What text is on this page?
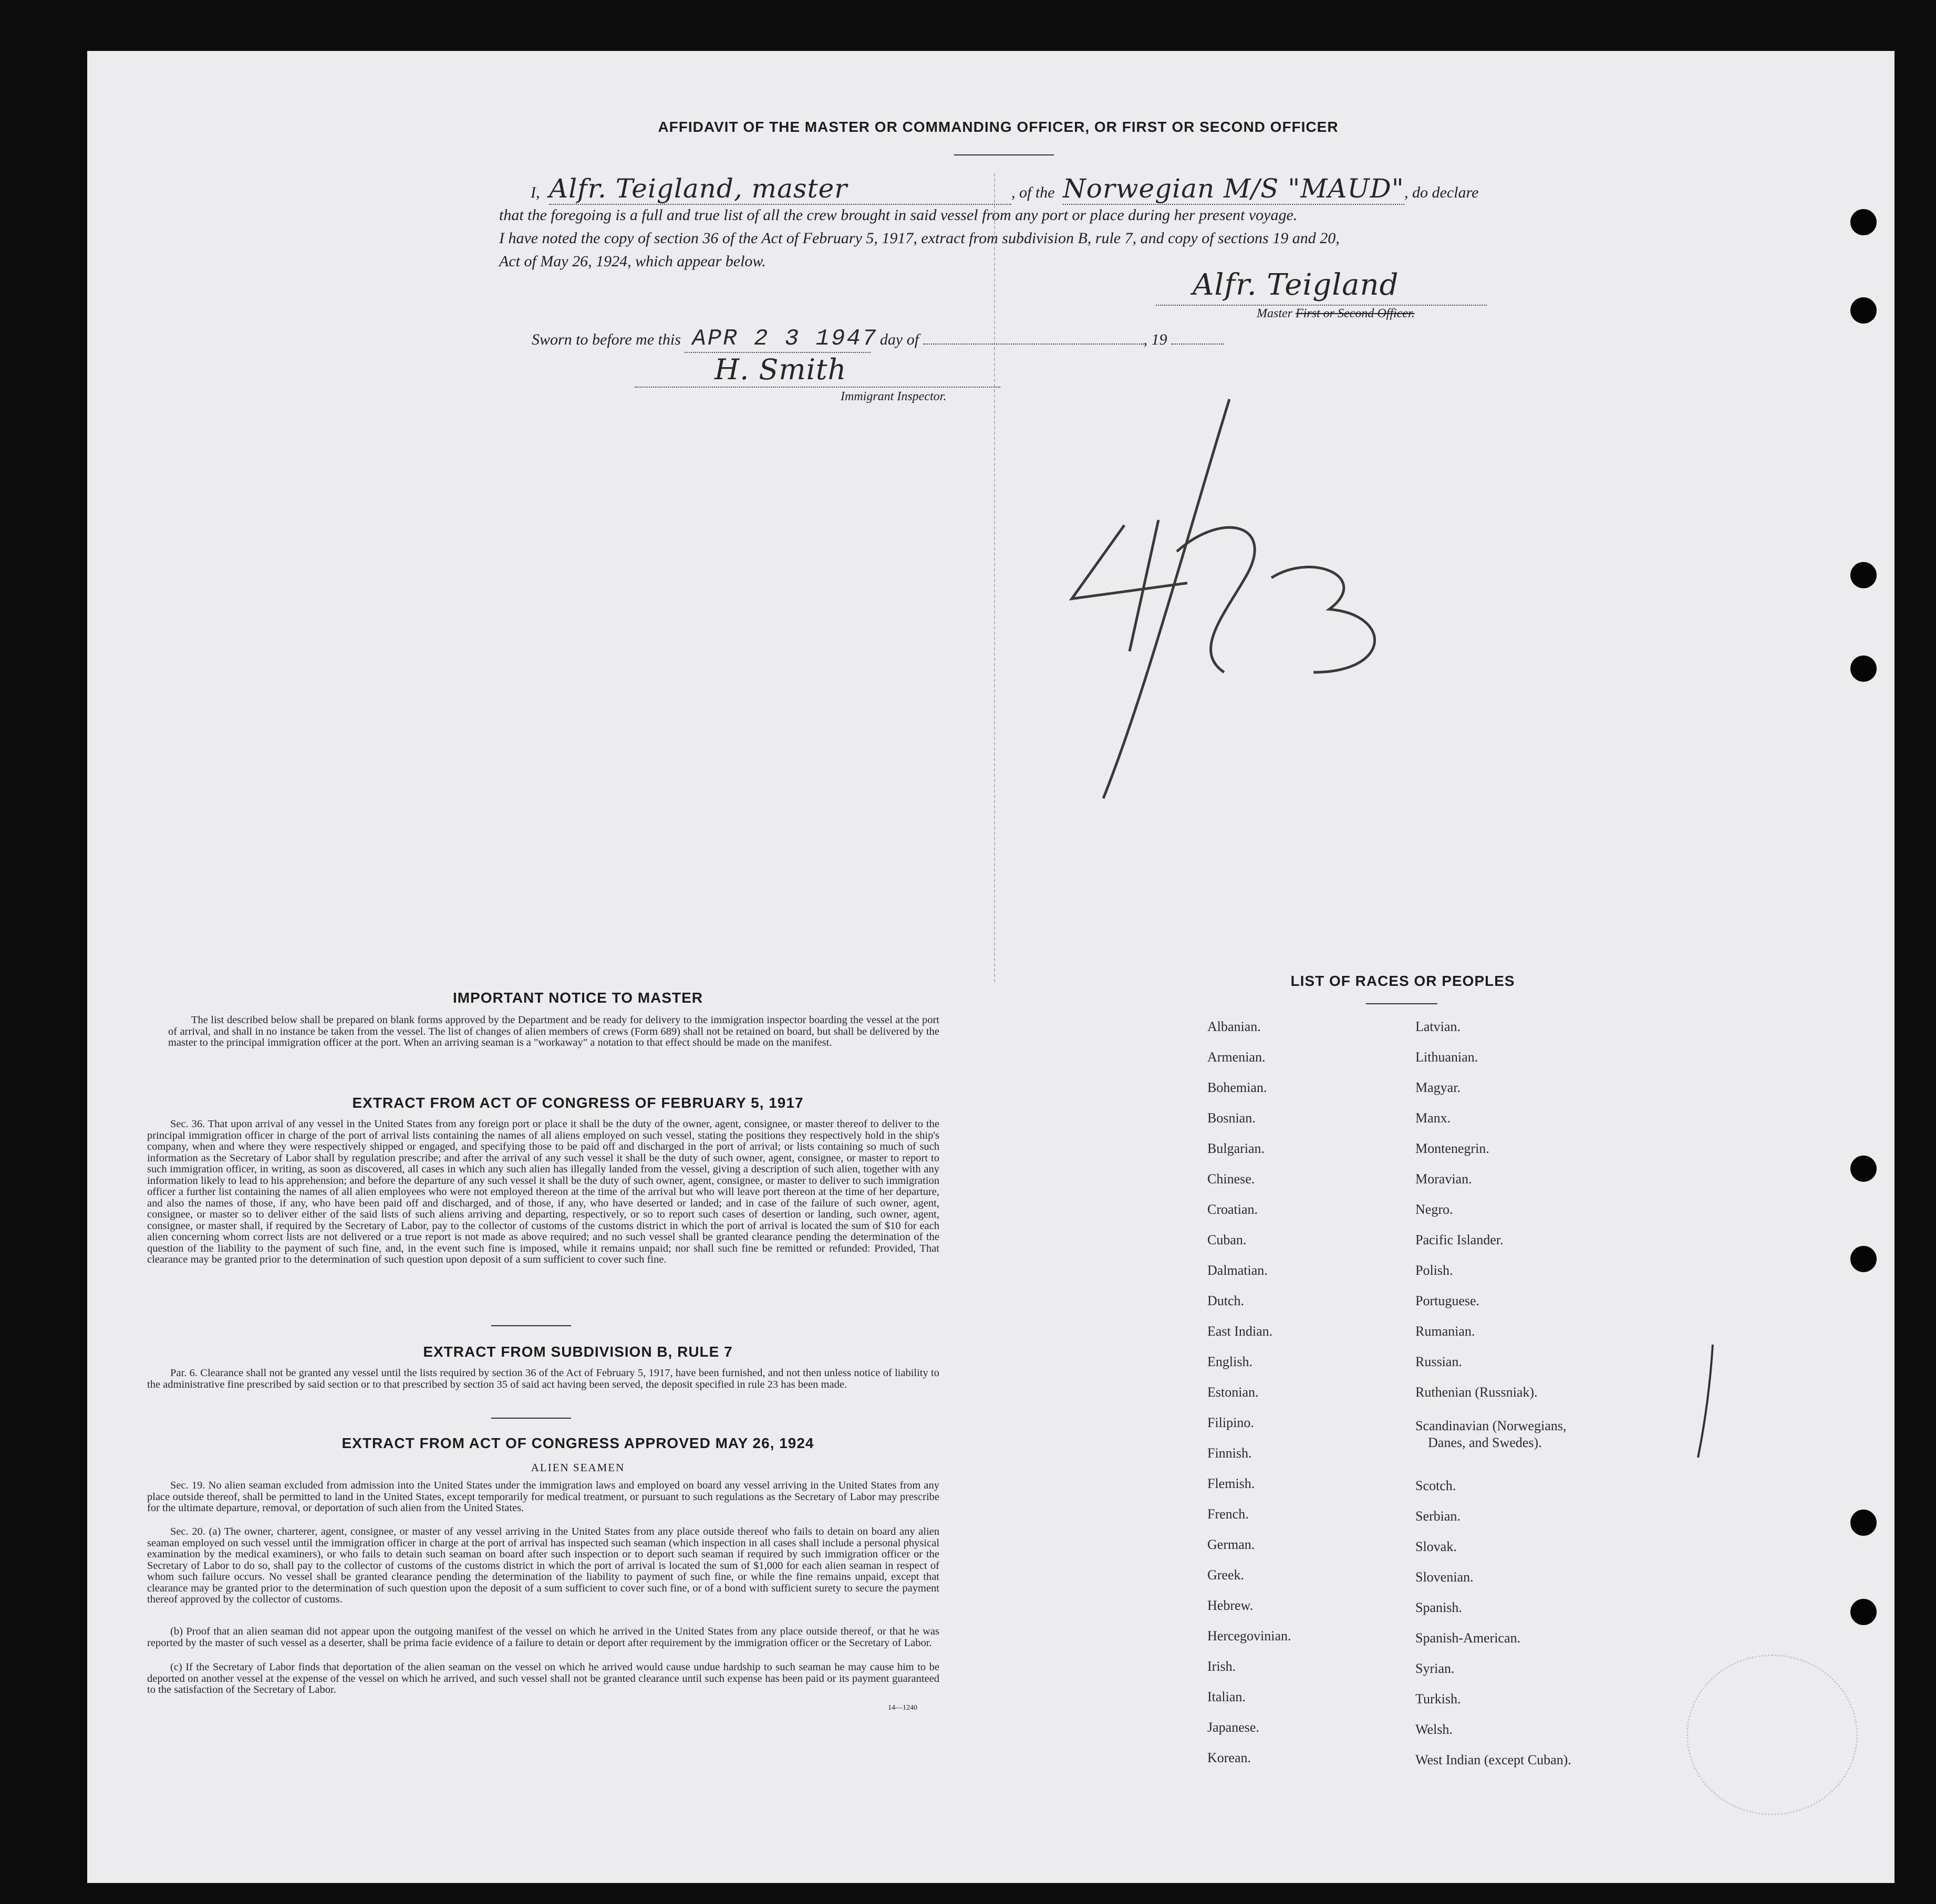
AFFIDAVIT OF THE MASTER OR COMMANDING OFFICER, OR FIRST OR SECOND OFFICER
I, Alfr. Teigland, master	, of the Norwegian M/S "MAUD", do declare
that the foregoing is a full and true list of all the crew brought in said vessel from any port or place during her present voyage.
I have noted the copy of section 36 of the Act of February 5, 1917, extract from subdivision B, rule 7, and copy of sections 19 and 20,
Act of May 26, 1924, which appear below.
Alfr. Teigland
Master First or Second Officer.
Sworn to before me this APR 2 3 1947 day of	, 19
H. Smith
Immigrant Inspector.
IMPORTANT NOTICE TO MASTER
The list described below shall be prepared on blank forms approved by the Department and be ready for delivery to the immigration inspector boarding the vessel at the port of arrival, and shall in no instance be taken from the vessel. The list of changes of alien members of crews (Form 689) shall not be retained on board, but shall be delivered by the master to the principal immigration officer at the port. When an arriving seaman is a "workaway" a notation to that effect should be made on the manifest.
EXTRACT FROM ACT OF CONGRESS OF FEBRUARY 5, 1917
Sec. 36. That upon arrival of any vessel in the United States from any foreign port or place it shall be the duty of the owner, agent, consignee, or master thereof to deliver to the principal immigration officer in charge of the port of arrival lists containing the names of all aliens employed on such vessel, stating the positions they respectively hold in the ship's company, when and where they were respectively shipped or engaged, and specifying those to be paid off and discharged in the port of arrival; or lists containing so much of such information as the Secretary of Labor shall by regulation prescribe; and after the arrival of any such vessel it shall be the duty of such owner, agent, consignee, or master to report to such immigration officer, in writing, as soon as discovered, all cases in which any such alien has illegally landed from the vessel, giving a description of such alien, together with any information likely to lead to his apprehension; and before the departure of any such vessel it shall be the duty of such owner, agent, consignee, or master to deliver to such immigration officer a further list containing the names of all alien employees who were not employed thereon at the time of the arrival but who will leave port thereon at the time of her departure, and also the names of those, if any, who have been paid off and discharged, and of those, if any, who have deserted or landed; and in case of the failure of such owner, agent, consignee, or master so to deliver either of the said lists of such aliens arriving and departing, respectively, or so to report such cases of desertion or landing, such owner, agent, consignee, or master shall, if required by the Secretary of Labor, pay to the collector of customs of the customs district in which the port of arrival is located the sum of $10 for each alien concerning whom correct lists are not delivered or a true report is not made as above required; and no such vessel shall be granted clearance pending the determination of the question of the liability to the payment of such fine, and, in the event such fine is imposed, while it remains unpaid; nor shall such fine be remitted or refunded: Provided, That clearance may be granted prior to the determination of such question upon deposit of a sum sufficient to cover such fine.
EXTRACT FROM SUBDIVISION B, RULE 7
Par. 6. Clearance shall not be granted any vessel until the lists required by section 36 of the Act of February 5, 1917, have been furnished, and not then unless notice of liability to the administrative fine prescribed by said section or to that prescribed by section 35 of said act having been served, the deposit specified in rule 23 has been made.
EXTRACT FROM ACT OF CONGRESS APPROVED MAY 26, 1924
ALIEN SEAMEN
Sec. 19. No alien seaman excluded from admission into the United States under the immigration laws and employed on board any vessel arriving in the United States from any place outside thereof, shall be permitted to land in the United States, except temporarily for medical treatment, or pursuant to such regulations as the Secretary of Labor may prescribe for the ultimate departure, removal, or deportation of such alien from the United States.
Sec. 20. (a) The owner, charterer, agent, consignee, or master of any vessel arriving in the United States from any place outside thereof who fails to detain on board any alien seaman employed on such vessel until the immigration officer in charge at the port of arrival has inspected such seaman (which inspection in all cases shall include a personal physical examination by the medical examiners), or who fails to detain such seaman on board after such inspection or to deport such seaman if required by such immigration officer or the Secretary of Labor to do so, shall pay to the collector of customs of the customs district in which the port of arrival is located the sum of $1,000 for each alien seaman in respect of whom such failure occurs. No vessel shall be granted clearance pending the determination of the liability to payment of such fine, or while the fine remains unpaid, except that clearance may be granted prior to the determination of such question upon the deposit of a sum sufficient to cover such fine, or of a bond with sufficient surety to secure the payment thereof approved by the collector of customs.
(b) Proof that an alien seaman did not appear upon the outgoing manifest of the vessel on which he arrived in the United States from any place outside thereof, or that he was reported by the master of such vessel as a deserter, shall be prima facie evidence of a failure to detain or deport after requirement by the immigration officer or the Secretary of Labor.
(c) If the Secretary of Labor finds that deportation of the alien seaman on the vessel on which he arrived would cause undue hardship to such seaman he may cause him to be deported on another vessel at the expense of the vessel on which he arrived, and such vessel shall not be granted clearance until such expense has been paid or its payment guaranteed to the satisfaction of the Secretary of Labor.
14—1240
LIST OF RACES OR PEOPLES
Albanian.
Armenian.
Bohemian.
Bosnian.
Bulgarian.
Chinese.
Croatian.
Cuban.
Dalmatian.
Dutch.
East Indian.
English.
Estonian.
Filipino.
Finnish.
Flemish.
French.
German.
Greek.
Hebrew.
Hercegovinian.
Irish.
Italian.
Japanese.
Korean.
Latvian.
Lithuanian.
Magyar.
Manx.
Montenegrin.
Moravian.
Negro.
Pacific Islander.
Polish.
Portuguese.
Rumanian.
Russian.
Ruthenian (Russniak).
Scandinavian (Norwegians,
Danes, and Swedes).
Scotch.
Serbian.
Slovak.
Slovenian.
Spanish.
Spanish-American.
Syrian.
Turkish.
Welsh.
West Indian (except Cuban).
